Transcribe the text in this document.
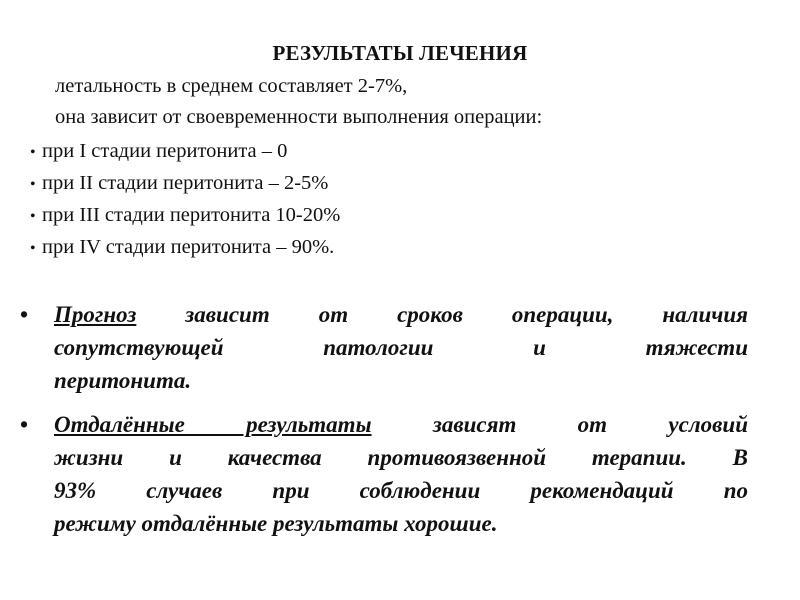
РЕЗУЛЬТАТЫ ЛЕЧЕНИЯ
летальность в среднем составляет 2-7%,
она зависит от своевременности выполнения операции:
• при I стадии перитонита – 0
• при II стадии перитонита – 2-5%
• при III стадии перитонита 10-20%
• при IV стадии перитонита – 90%.
• Прогноз зависит от сроков операции, наличия
сопутствующей патологии и тяжести
перитонита.
• Отдалённые результаты зависят от условий
жизни и качества противоязвенной терапии. В
93% случаев при соблюдении рекомендаций по
режиму отдалённые результаты хорошие.
